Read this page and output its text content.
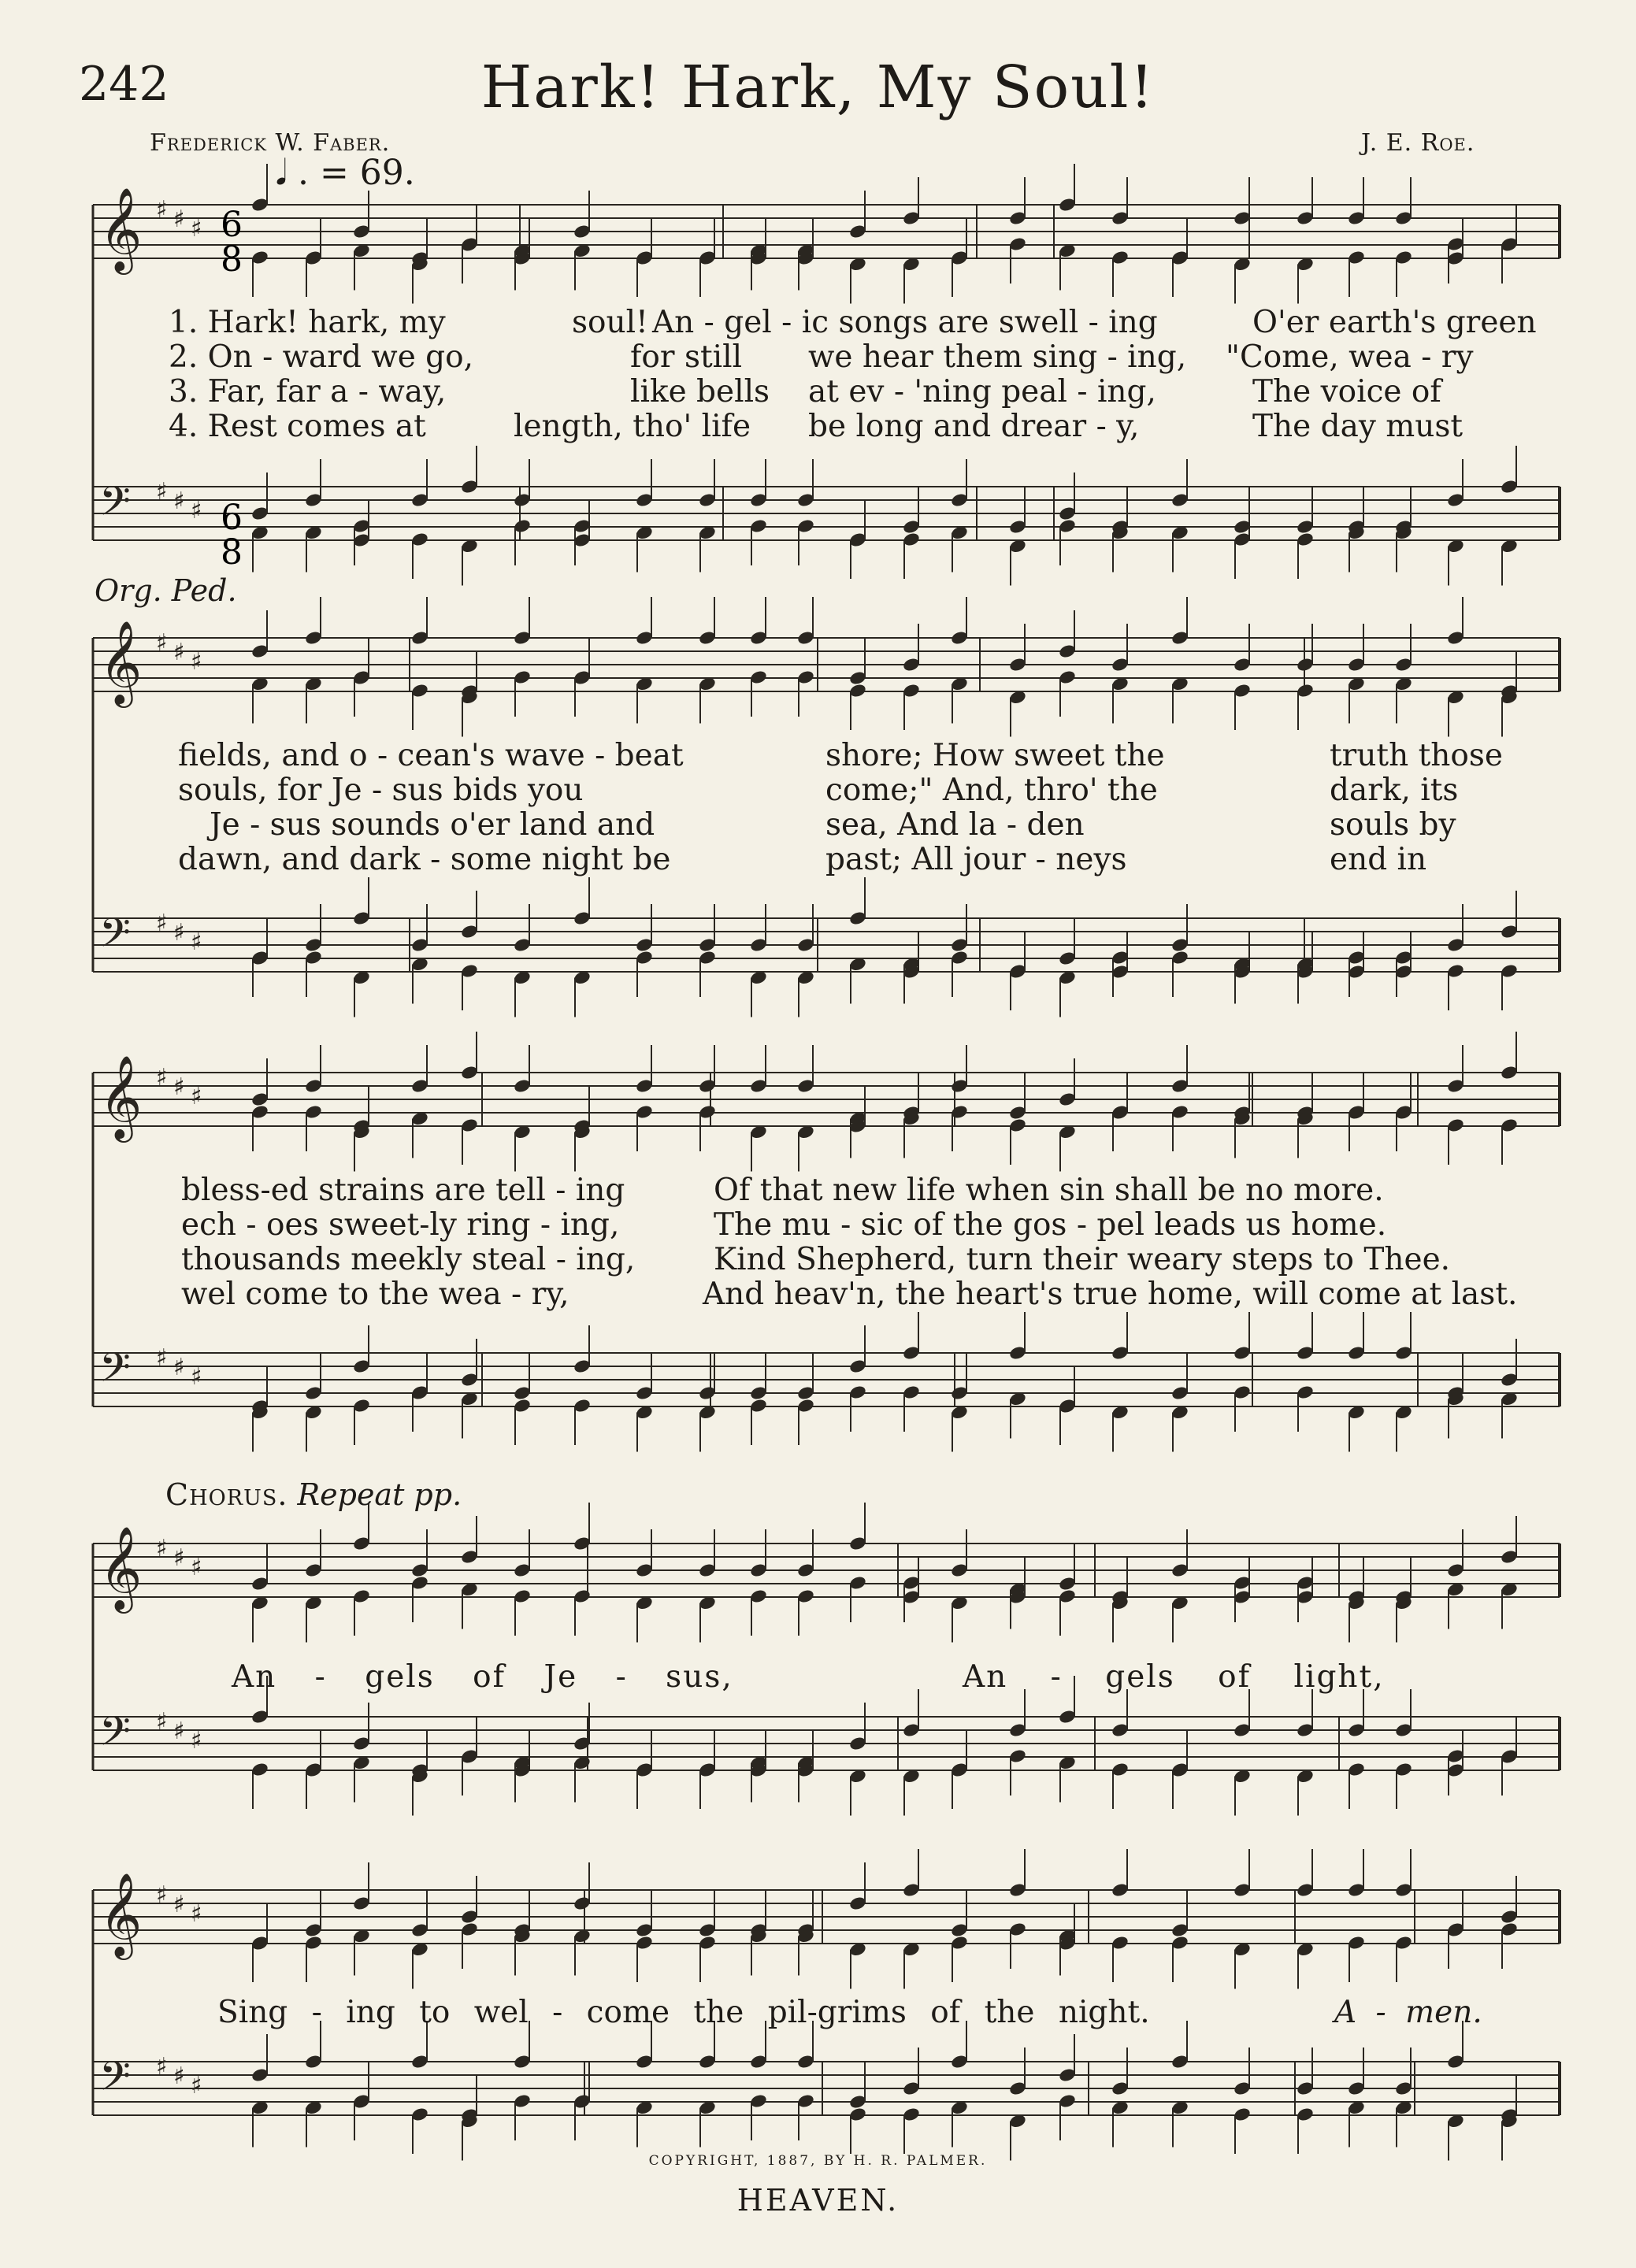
242	Hark! Hark, My Soul!
Frederick W. Faber.	J. E. Roe.
𝅘𝅥 . = 69.
𝄞 ♯ ♯ ♯
𝄢 ♯ ♯ ♯
𝄞 ♯ ♯ ♯
𝄢 ♯ ♯ ♯
𝄞 ♯ ♯ ♯
𝄢 ♯ ♯ ♯
𝄞 ♯ ♯ ♯
𝄢 ♯ ♯ ♯
𝄞 ♯ ♯ ♯
𝄢 ♯ ♯ ♯
6
8
6
8
1. Hark! hark, my	soul! An - gel - ic songs are swell - ing	O'er earth's green
2. On - ward we go,	for still we hear them sing - ing, "Come, wea - ry
3. Far, far a - way,	like bells at ev - 'ning peal - ing,	The voice of
4. Rest comes at	length, tho' life be long and drear - y,	The day must
Org. Ped.
fields, and o - cean's wave - beat	shore; How sweet the	truth those
souls, for Je - sus bids you	come;" And, thro' the	dark, its
Je - sus sounds o'er land and	sea, And la - den	souls by
dawn, and dark - some night be	past; All jour - neys	end in
bless-ed strains are tell - ing	Of that new life when sin shall be no more.
ech - oes sweet-ly ring - ing,	The mu - sic of the gos - pel leads us home.
thousands meekly steal - ing,	Kind Shepherd, turn their weary steps to Thee.
wel come to the wea - ry,	And heav'n, the heart's true home, will come at last.
Chorus. Repeat pp.
An - gels of Je - sus,	An - gels of light,
Sing - ing to wel - come the pil-grims of the night.	A - men.
COPYRIGHT, 1887, BY H. R. PALMER.
HEAVEN.
